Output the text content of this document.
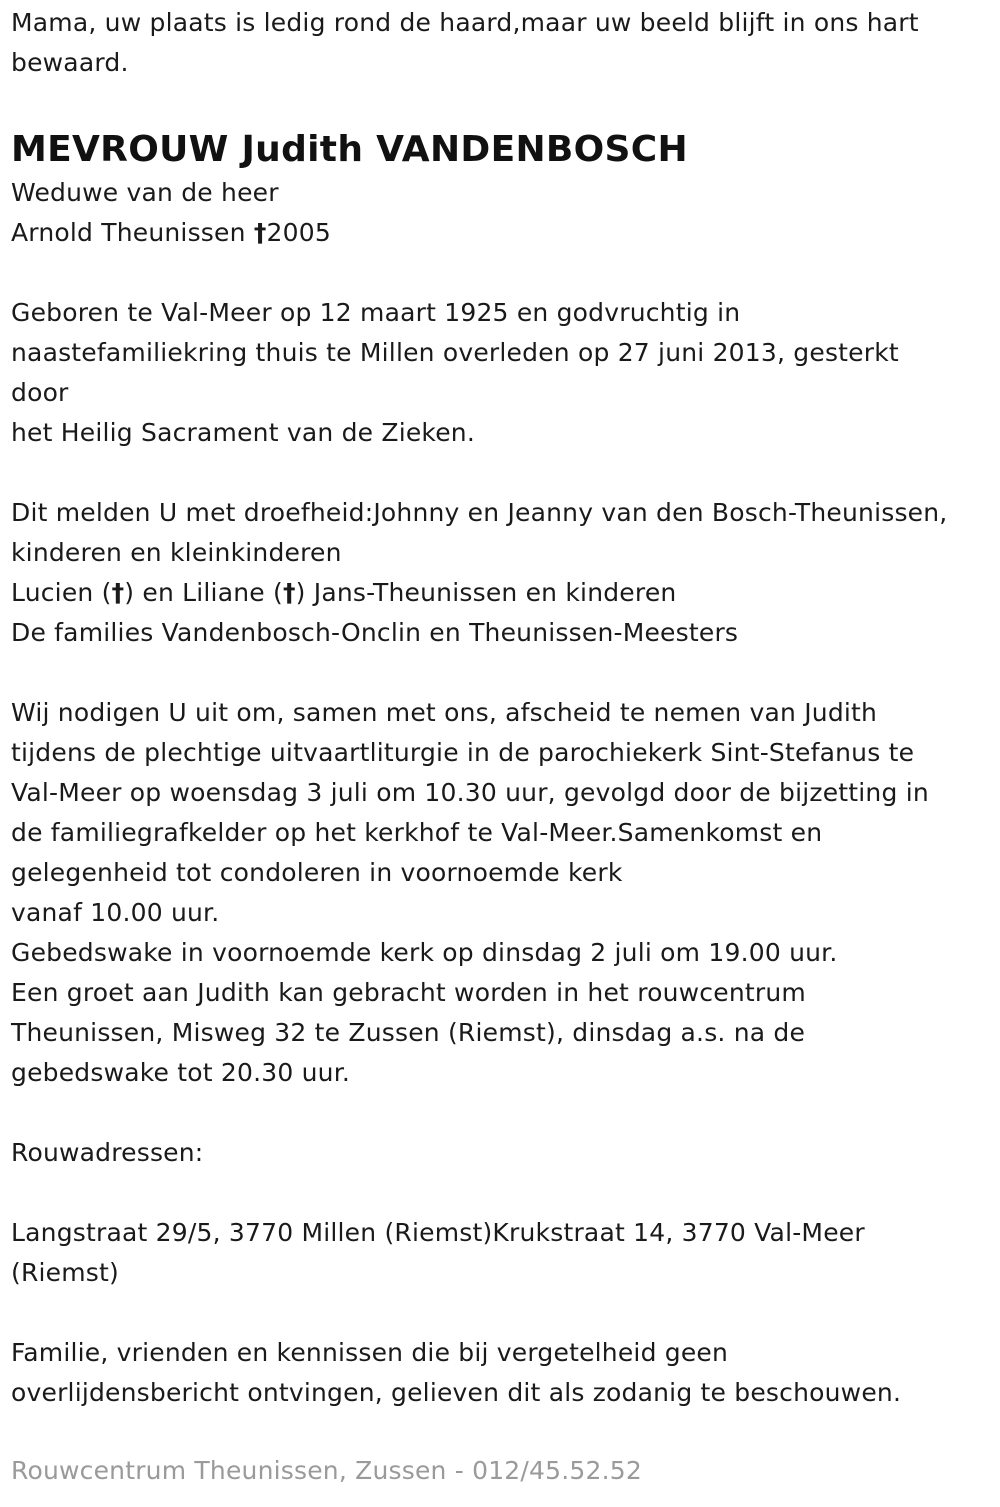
Mama, uw plaats is ledig rond de haard,maar uw beeld blijft in ons hart bewaard.

MEVROUW Judith VANDENBOSCH

Weduwe van de heer

Arnold Theunissen †2005

Geboren te Val-Meer op 12 maart 1925 en godvruchtig in

naastefamiliekring thuis te Millen overleden op 27 juni 2013, gesterkt

door

het Heilig Sacrament van de Zieken.

Dit melden U met droefheid:Johnny en Jeanny van den Bosch-Theunissen,

kinderen en kleinkinderen

Lucien (†) en Liliane (†) Jans-Theunissen en kinderen

De families Vandenbosch-Onclin en Theunissen-Meesters

Wij nodigen U uit om, samen met ons, afscheid te nemen van Judith

tijdens de plechtige uitvaartliturgie in de parochiekerk Sint-Stefanus te

Val-Meer op woensdag 3 juli om 10.30 uur, gevolgd door de bijzetting in

de familiegrafkelder op het kerkhof te Val-Meer.Samenkomst en

gelegenheid tot condoleren in voornoemde kerk

vanaf 10.00 uur.

Gebedswake in voornoemde kerk op dinsdag 2 juli om 19.00 uur.

Een groet aan Judith kan gebracht worden in het rouwcentrum

Theunissen, Misweg 32 te Zussen (Riemst), dinsdag a.s. na de

gebedswake tot 20.30 uur.

Rouwadressen:

Langstraat 29/5, 3770 Millen (Riemst)Krukstraat 14, 3770 Val-Meer

(Riemst)

Familie, vrienden en kennissen die bij vergetelheid geen

overlijdensbericht ontvingen, gelieven dit als zodanig te beschouwen.

Rouwcentrum Theunissen, Zussen - 012/45.52.52
